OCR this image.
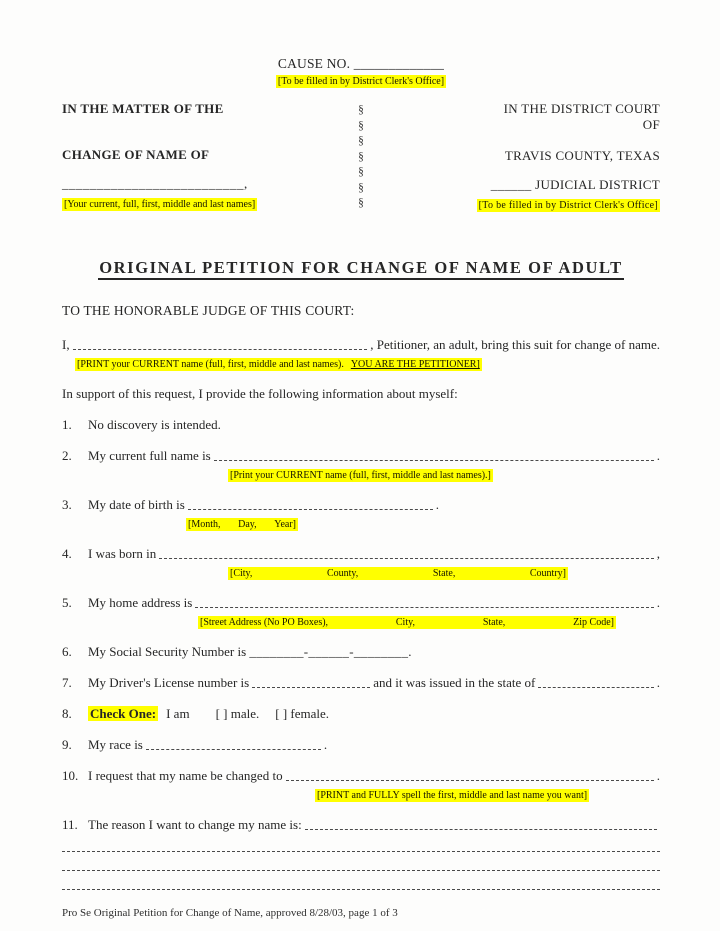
CAUSE NO. _____________
[To be filled in by District Clerk's Office]
IN THE MATTER OF THE
CHANGE OF NAME OF
__________________________,
[Your current, full, first, middle and last names]
§
§
§
§
§
§
§
IN THE DISTRICT COURT
OF
TRAVIS COUNTY, TEXAS
______ JUDICIAL DISTRICT
[To be filled in by District Clerk's Office]
ORIGINAL PETITION FOR CHANGE OF NAME OF ADULT
TO THE HONORABLE JUDGE OF THIS COURT:
I,	, Petitioner, an adult, bring this suit for change of name.
[PRINT your CURRENT name (full, first, middle and last names). YOU ARE THE PETITIONER]
In support of this request, I provide the following information about myself:
1.	No discovery is intended.
2.	My current full name is	.
[Print your CURRENT name (full, first, middle and last names).]
3.	My date of birth is	.
[Month, Day, Year]
4.	I was born in	,
[City,	County,	State,	Country]
5.	My home address is	.
[Street Address (No PO Boxes),	City,	State,	Zip Code]
6.	My Social Security Number is ________-______-________.
7.	My Driver's License number is	and it was issued in the state of	.
8.	Check One: I am [ ] male. [ ] female.
9.	My race is	.
10. I request that my name be changed to	.
[PRINT and FULLY spell the first, middle and last name you want]
11. The reason I want to change my name is:
Pro Se Original Petition for Change of Name, approved 8/28/03, page 1 of 3
